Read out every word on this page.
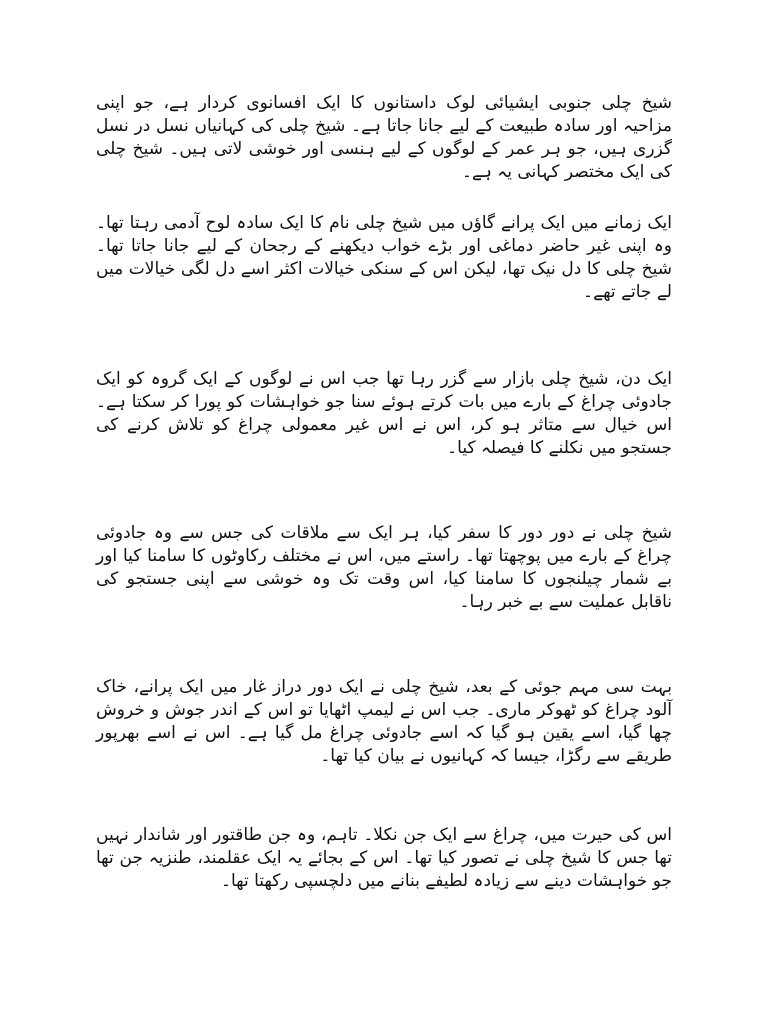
شیخ چلی جنوبی ایشیائی لوک داستانوں کا ایک افسانوی کردار ہے، جو اپنی مزاحیہ اور سادہ طبیعت کے لیے جانا جاتا ہے۔ شیخ چلی کی کہانیاں نسل در نسل گزری ہیں، جو ہر عمر کے لوگوں کے لیے ہنسی اور خوشی لاتی ہیں۔ شیخ چلی کی ایک مختصر کہانی یہ ہے۔

ایک زمانے میں ایک پرانے گاؤں میں شیخ چلی نام کا ایک سادہ لوح آدمی رہتا تھا۔ وہ اپنی غیر حاضر دماغی اور بڑے خواب دیکھنے کے رجحان کے لیے جانا جاتا تھا۔ شیخ چلی کا دل نیک تھا، لیکن اس کے سنکی خیالات اکثر اسے دل لگی خیالات میں لے جاتے تھے۔

ایک دن، شیخ چلی بازار سے گزر رہا تھا جب اس نے لوگوں کے ایک گروہ کو ایک جادوئی چراغ کے بارے میں بات کرتے ہوئے سنا جو خواہشات کو پورا کر سکتا ہے۔ اس خیال سے متاثر ہو کر، اس نے اس غیر معمولی چراغ کو تلاش کرنے کی جستجو میں نکلنے کا فیصلہ کیا۔

شیخ چلی نے دور دور کا سفر کیا، ہر ایک سے ملاقات کی جس سے وہ جادوئی چراغ کے بارے میں پوچھتا تھا۔ راستے میں، اس نے مختلف رکاوٹوں کا سامنا کیا اور بے شمار چیلنجوں کا سامنا کیا، اس وقت تک وہ خوشی سے اپنی جستجو کی ناقابل عملیت سے بے خبر رہا۔

بہت سی مہم جوئی کے بعد، شیخ چلی نے ایک دور دراز غار میں ایک پرانے، خاک آلود چراغ کو ٹھوکر ماری۔ جب اس نے لیمپ اٹھایا تو اس کے اندر جوش و خروش چھا گیا، اسے یقین ہو گیا کہ اسے جادوئی چراغ مل گیا ہے۔ اس نے اسے بھرپور طریقے سے رگڑا، جیسا کہ کہانیوں نے بیان کیا تھا۔

اس کی حیرت میں، چراغ سے ایک جن نکلا۔ تاہم، وہ جن طاقتور اور شاندار نہیں تھا جس کا شیخ چلی نے تصور کیا تھا۔ اس کے بجائے یہ ایک عقلمند، طنزیہ جن تھا جو خواہشات دینے سے زیادہ لطیفے بنانے میں دلچسپی رکھتا تھا۔
